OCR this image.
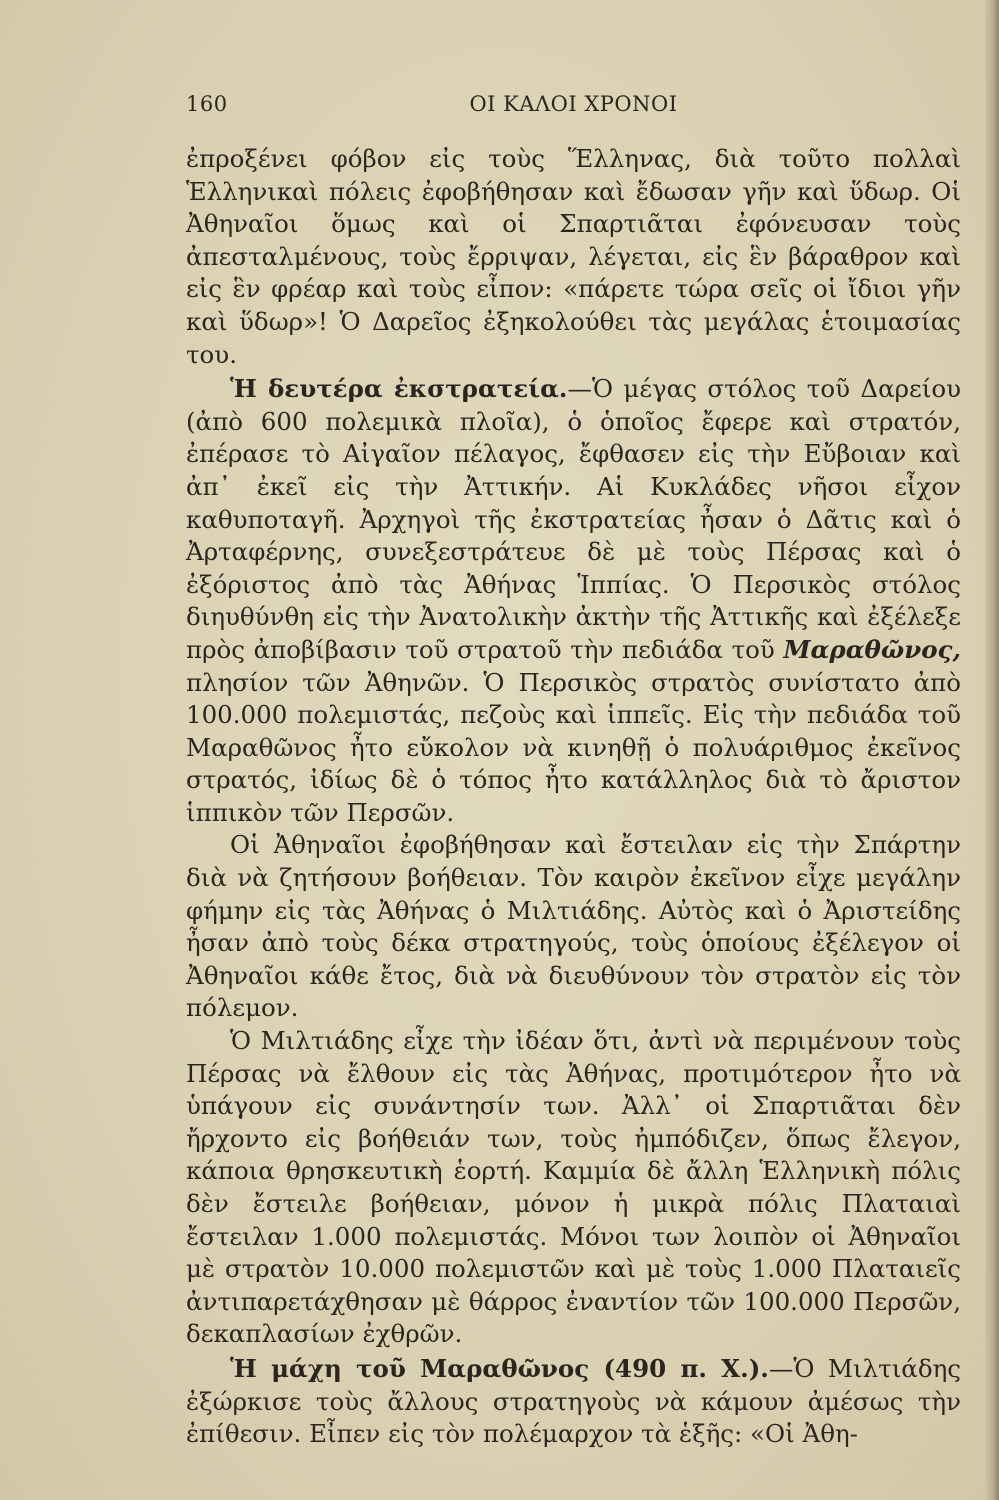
160	ΟΙ ΚΑΛΟΙ ΧΡΟΝΟΙ

ἐπροξένει φόβον εἰς τοὺς Ἕλληνας, διὰ τοῦτο πολλαὶ Ἑλληνικαὶ πόλεις ἐφοβήθησαν καὶ ἔδωσαν γῆν καὶ ὕδωρ. Οἱ Ἀθηναῖοι ὅμως καὶ οἱ Σπαρτιᾶται ἐφόνευσαν τοὺς ἀπεσταλμένους, τοὺς ἔρριψαν, λέγεται, εἰς ἓν βάραθρον καὶ εἰς ἓν φρέαρ καὶ τοὺς εἶπον: «πάρετε τώρα σεῖς οἱ ἴδιοι γῆν καὶ ὕδωρ»! Ὁ Δαρεῖος ἐξηκολούθει τὰς μεγάλας ἑτοιμασίας του.

Ἡ δευτέρα ἐκστρατεία.—Ὁ μέγας στόλος τοῦ Δαρείου (ἀπὸ 600 πολεμικὰ πλοῖα), ὁ ὁποῖος ἔφερε καὶ στρατόν, ἐπέρασε τὸ Αἰγαῖον πέλαγος, ἔφθασεν εἰς τὴν Εὔβοιαν καὶ ἀπ᾽ ἐκεῖ εἰς τὴν Ἀττικήν. Αἱ Κυκλάδες νῆσοι εἶχον καθυποταγῆ. Ἀρχηγοὶ τῆς ἐκστρατείας ἦσαν ὁ Δᾶτις καὶ ὁ Ἀρταφέρνης, συνεξεστράτευε δὲ μὲ τοὺς Πέρσας καὶ ὁ ἐξόριστος ἀπὸ τὰς Ἀθήνας Ἱππίας. Ὁ Περσικὸς στόλος διηυθύνθη εἰς τὴν Ἀνατολικὴν ἀκτὴν τῆς Ἀττικῆς καὶ ἐξέλεξε πρὸς ἀποβίβασιν τοῦ στρατοῦ τὴν πεδιάδα τοῦ Μαραθῶνος, πλησίον τῶν Ἀθηνῶν. Ὁ Περσικὸς στρατὸς συνίστατο ἀπὸ 100.000 πολεμιστάς, πεζοὺς καὶ ἱππεῖς. Εἰς τὴν πεδιάδα τοῦ Μαραθῶνος ἦτο εὔκολον νὰ κινηθῇ ὁ πολυάριθμος ἐκεῖνος στρατός, ἰδίως δὲ ὁ τόπος ἦτο κατάλληλος διὰ τὸ ἄριστον ἱππικὸν τῶν Περσῶν.

Οἱ Ἀθηναῖοι ἐφοβήθησαν καὶ ἔστειλαν εἰς τὴν Σπάρτην διὰ νὰ ζητήσουν βοήθειαν. Τὸν καιρὸν ἐκεῖνον εἶχε μεγάλην φήμην εἰς τὰς Ἀθήνας ὁ Μιλτιάδης. Αὐτὸς καὶ ὁ Ἀριστείδης ἦσαν ἀπὸ τοὺς δέκα στρατηγούς, τοὺς ὁποίους ἐξέλεγον οἱ Ἀθηναῖοι κάθε ἔτος, διὰ νὰ διευθύνουν τὸν στρατὸν εἰς τὸν πόλεμον.

Ὁ Μιλτιάδης εἶχε τὴν ἰδέαν ὅτι, ἀντὶ νὰ περιμένουν τοὺς Πέρσας νὰ ἔλθουν εἰς τὰς Ἀθήνας, προτιμότερον ἦτο νὰ ὑπάγουν εἰς συνάντησίν των. Ἀλλ᾽ οἱ Σπαρτιᾶται δὲν ἤρχοντο εἰς βοήθειάν των, τοὺς ἠμπόδιζεν, ὅπως ἔλεγον, κάποια θρησκευτικὴ ἑορτή. Καμμία δὲ ἄλλη Ἑλληνικὴ πόλις δὲν ἔστειλε βοήθειαν, μόνον ἡ μικρὰ πόλις Πλαταιαὶ ἔστειλαν 1.000 πολεμιστάς. Μόνοι των λοιπὸν οἱ Ἀθηναῖοι μὲ στρατὸν 10.000 πολεμιστῶν καὶ μὲ τοὺς 1.000 Πλαταιεῖς ἀντιπαρετάχθησαν μὲ θάρρος ἐναντίον τῶν 100.000 Περσῶν, δεκαπλασίων ἐχθρῶν.

Ἡ μάχη τοῦ Μαραθῶνος (490 π. Χ.).—Ὁ Μιλτιάδης ἐξώρκισε τοὺς ἄλλους στρατηγοὺς νὰ κάμουν ἀμέσως τὴν ἐπίθεσιν. Εἶπεν εἰς τὸν πολέμαρχον τὰ ἑξῆς: «Οἱ Ἀθη-
